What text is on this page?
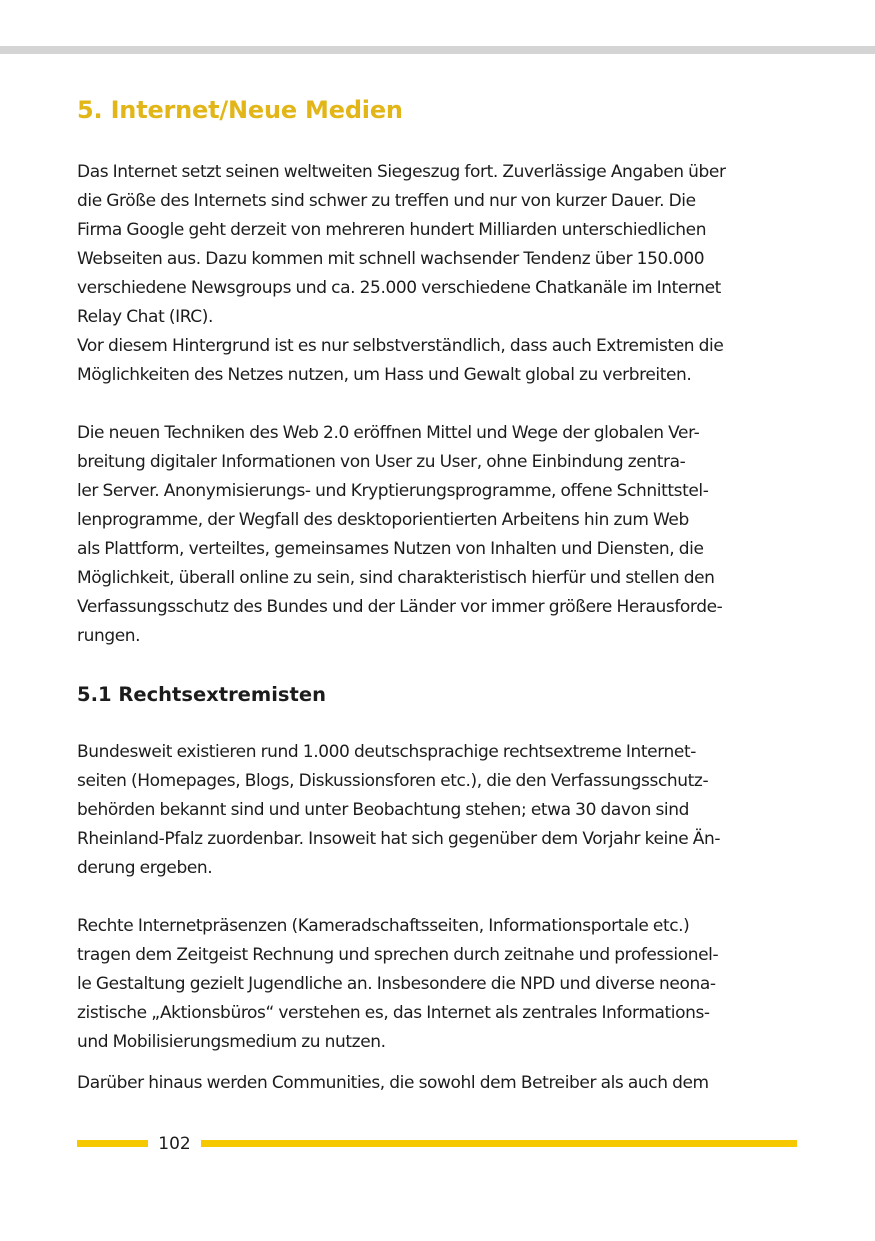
5. Internet/Neue Medien

Das Internet setzt seinen weltweiten Siegeszug fort. Zuverlässige Angaben über
die Größe des Internets sind schwer zu treffen und nur von kurzer Dauer. Die
Firma Google geht derzeit von mehreren hundert Milliarden unterschiedlichen
Webseiten aus. Dazu kommen mit schnell wachsender Tendenz über 150.000
verschiedene Newsgroups und ca. 25.000 verschiedene Chatkanäle im Internet
Relay Chat (IRC).
Vor diesem Hintergrund ist es nur selbstverständlich, dass auch Extremisten die
Möglichkeiten des Netzes nutzen, um Hass und Gewalt global zu verbreiten.

Die neuen Techniken des Web 2.0 eröffnen Mittel und Wege der globalen Ver-
breitung digitaler Informationen von User zu User, ohne Einbindung zentra-
ler Server. Anonymisierungs- und Kryptierungsprogramme, offene Schnittstel-
lenprogramme, der Wegfall des desktoporientierten Arbeitens hin zum Web
als Plattform, verteiltes, gemeinsames Nutzen von Inhalten und Diensten, die
Möglichkeit, überall online zu sein, sind charakteristisch hierfür und stellen den
Verfassungsschutz des Bundes und der Länder vor immer größere Herausforde-
rungen.

5.1 Rechtsextremisten

Bundesweit existieren rund 1.000 deutschsprachige rechtsextreme Internet-
seiten (Homepages, Blogs, Diskussionsforen etc.), die den Verfassungsschutz-
behörden bekannt sind und unter Beobachtung stehen; etwa 30 davon sind
Rheinland-Pfalz zuordenbar. Insoweit hat sich gegenüber dem Vorjahr keine Än-
derung ergeben.

Rechte Internetpräsenzen (Kameradschaftsseiten, Informationsportale etc.)
tragen dem Zeitgeist Rechnung und sprechen durch zeitnahe und professionel-
le Gestaltung gezielt Jugendliche an. Insbesondere die NPD und diverse neona-
zistische „Aktionsbüros“ verstehen es, das Internet als zentrales Informations-
und Mobilisierungsmedium zu nutzen.

Darüber hinaus werden Communities, die sowohl dem Betreiber als auch dem

102
